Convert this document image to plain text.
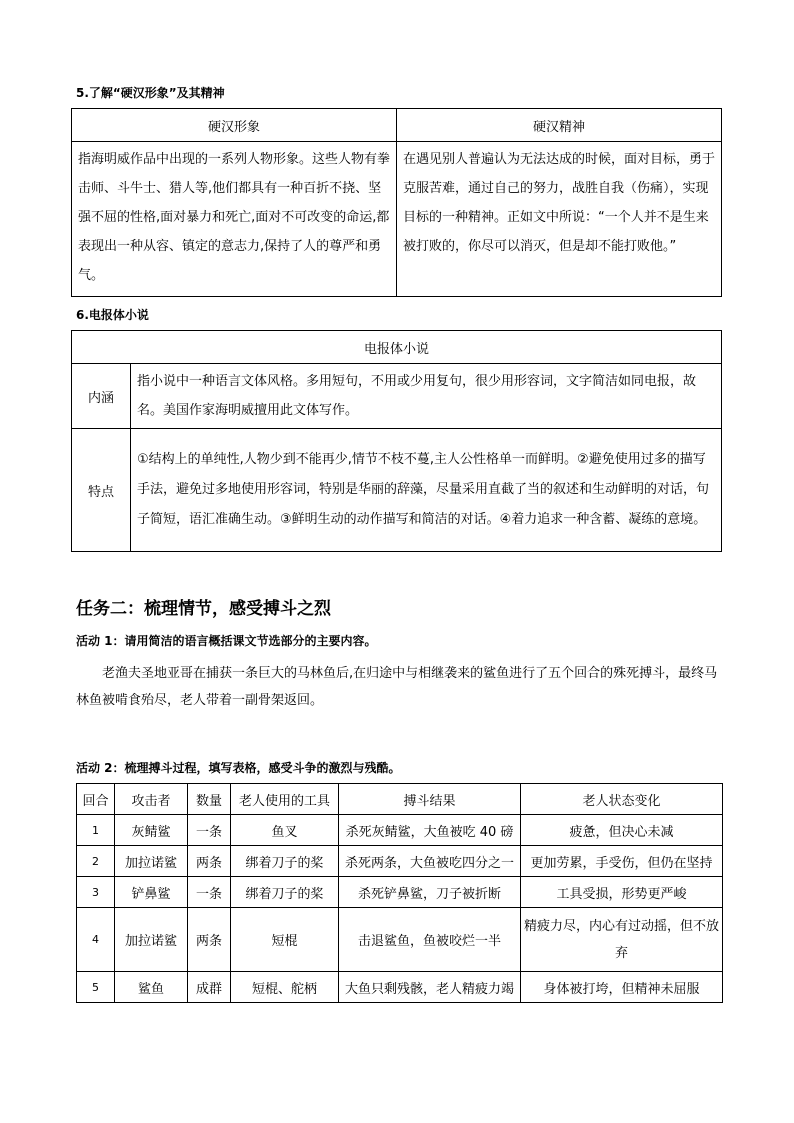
5.了解“硬汉形象”及其精神
硬汉形象	硬汉精神
指海明威作品中出现的一系列人物形象。这些人物有拳击师、斗牛士、猎人等,他们都具有一种百折不挠、坚强不屈的性格,面对暴力和死亡,面对不可改变的命运,都表现出一种从容、镇定的意志力,保持了人的尊严和勇气。	在遇见别人普遍认为无法达成的时候，面对目标，勇于克服苦难，通过自己的努力，战胜自我（伤痛），实现目标的一种精神。正如文中所说：“一个人并不是生来被打败的，你尽可以消灭，但是却不能打败他。”
6.电报体小说
电报体小说	
内涵	指小说中一种语言文体风格。多用短句，不用或少用复句，很少用形容词，文字简洁如同电报，故名。美国作家海明威擅用此文体写作。
特点	①结构上的单纯性,人物少到不能再少,情节不枝不蔓,主人公性格单一而鲜明。②避免使用过多的描写手法，避免过多地使用形容词，特别是华丽的辞藻，尽量采用直截了当的叙述和生动鲜明的对话，句子简短，语汇准确生动。③鲜明生动的动作描写和简洁的对话。④着力追求一种含蓄、凝练的意境。
任务二：梳理情节，感受搏斗之烈
活动 1：请用简洁的语言概括课文节选部分的主要内容。
老渔夫圣地亚哥在捕获一条巨大的马林鱼后,在归途中与相继袭来的鲨鱼进行了五个回合的殊死搏斗，最终马林鱼被啃食殆尽，老人带着一副骨架返回。
活动 2：梳理搏斗过程，填写表格，感受斗争的激烈与残酷。
回合	攻击者	数量	老人使用的工具	搏斗结果	老人状态变化
1	灰鲭鲨	一条	鱼叉	杀死灰鲭鲨，大鱼被吃 40 磅	疲惫，但决心未减
2	加拉诺鲨	两条	绑着刀子的桨	杀死两条，大鱼被吃四分之一	更加劳累，手受伤，但仍在坚持
3	铲鼻鲨	一条	绑着刀子的桨	杀死铲鼻鲨，刀子被折断	工具受损，形势更严峻
4	加拉诺鲨	两条	短棍	击退鲨鱼，鱼被咬烂一半	精疲力尽，内心有过动摇，但不放弃
5	鲨鱼	成群	短棍、舵柄	大鱼只剩残骸，老人精疲力竭	身体被打垮，但精神未屈服
